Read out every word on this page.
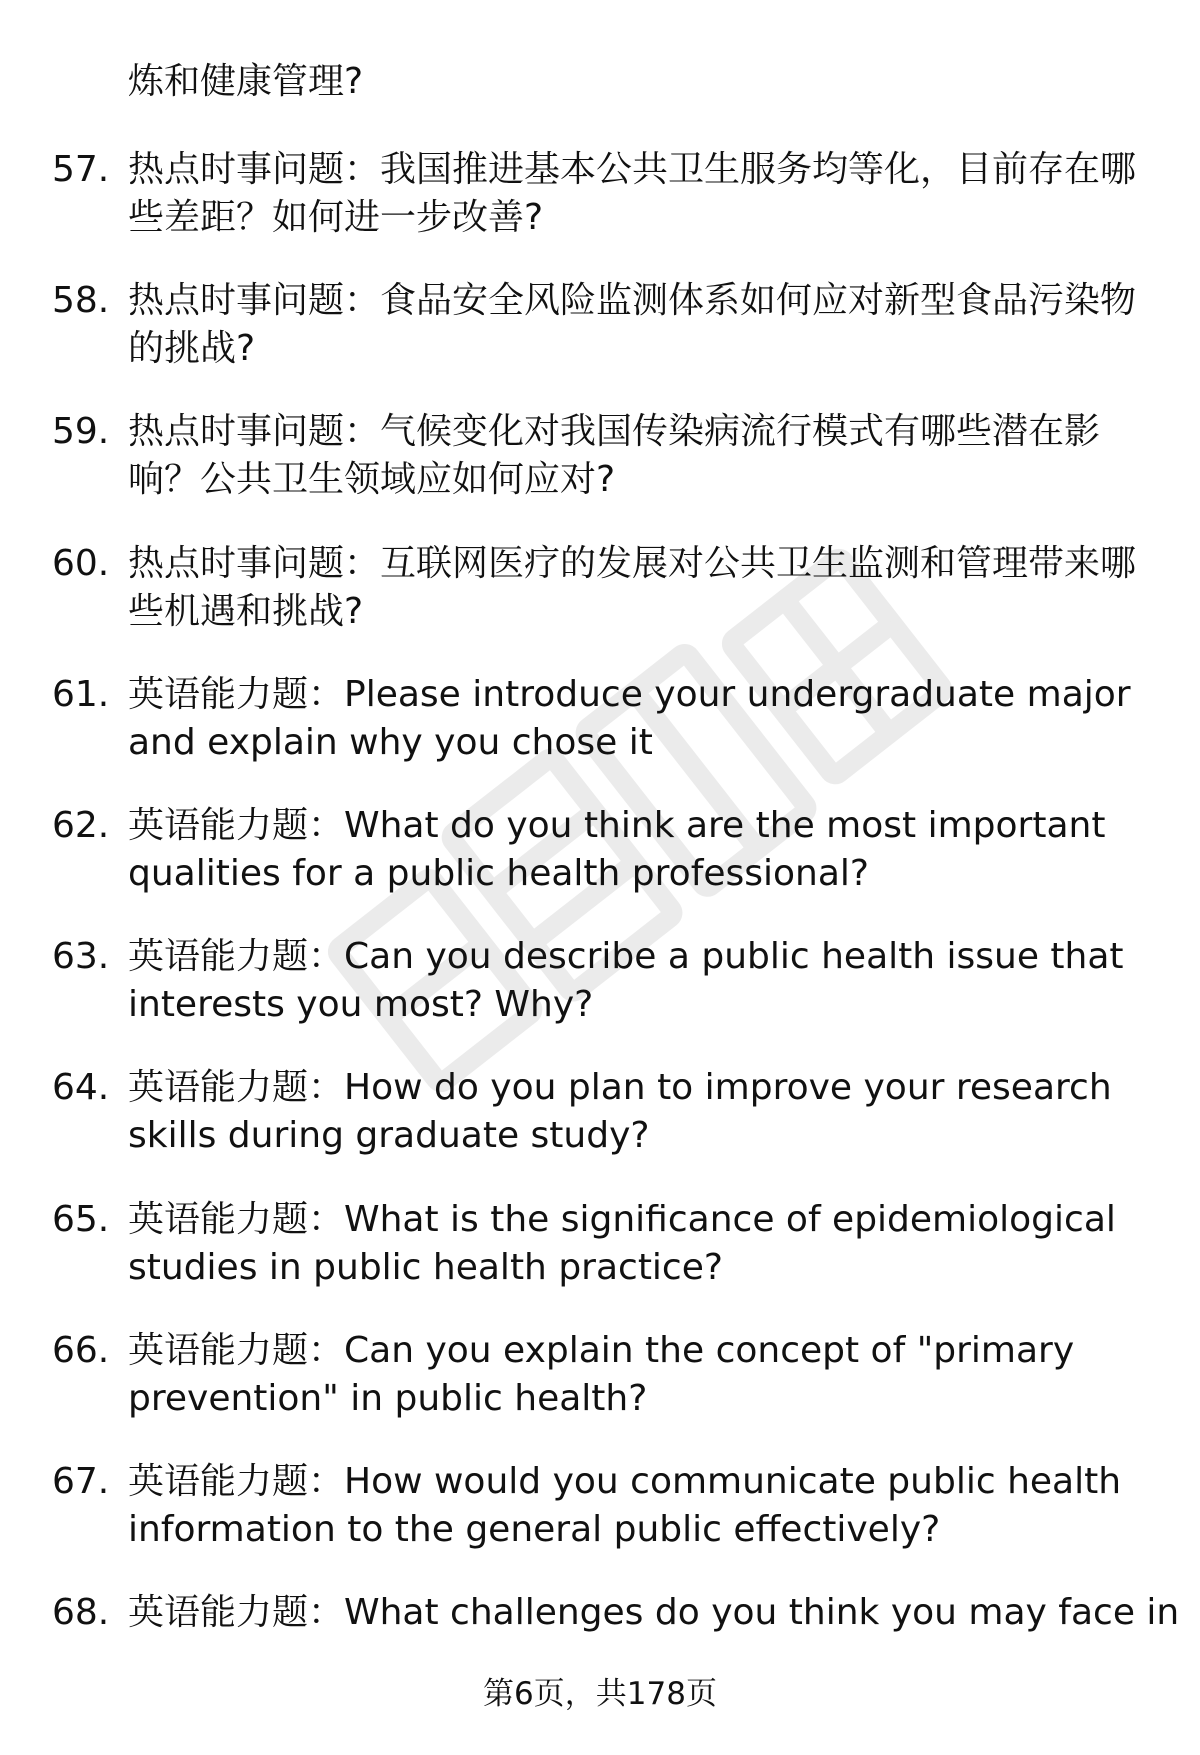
炼和健康管理?
57. 热点时事问题：我国推进基本公共卫生服务均等化，目前存在哪
些差距？如何进一步改善?
58. 热点时事问题：食品安全风险监测体系如何应对新型食品污染物
的挑战?
59. 热点时事问题：气候变化对我国传染病流行模式有哪些潜在影
响？公共卫生领域应如何应对?
60. 热点时事问题：互联网医疗的发展对公共卫生监测和管理带来哪
些机遇和挑战?
61. 英语能力题：Please introduce your undergraduate major
and explain why you chose it
62. 英语能力题：What do you think are the most important
qualities for a public health professional?
63. 英语能力题：Can you describe a public health issue that
interests you most? Why?
64. 英语能力题：How do you plan to improve your research
skills during graduate study?
65. 英语能力题：What is the significance of epidemiological
studies in public health practice?
66. 英语能力题：Can you explain the concept of "primary
prevention" in public health?
67. 英语能力题：How would you communicate public health
information to the general public effectively?
68. 英语能力题：What challenges do you think you may face in
第6页，共178页
